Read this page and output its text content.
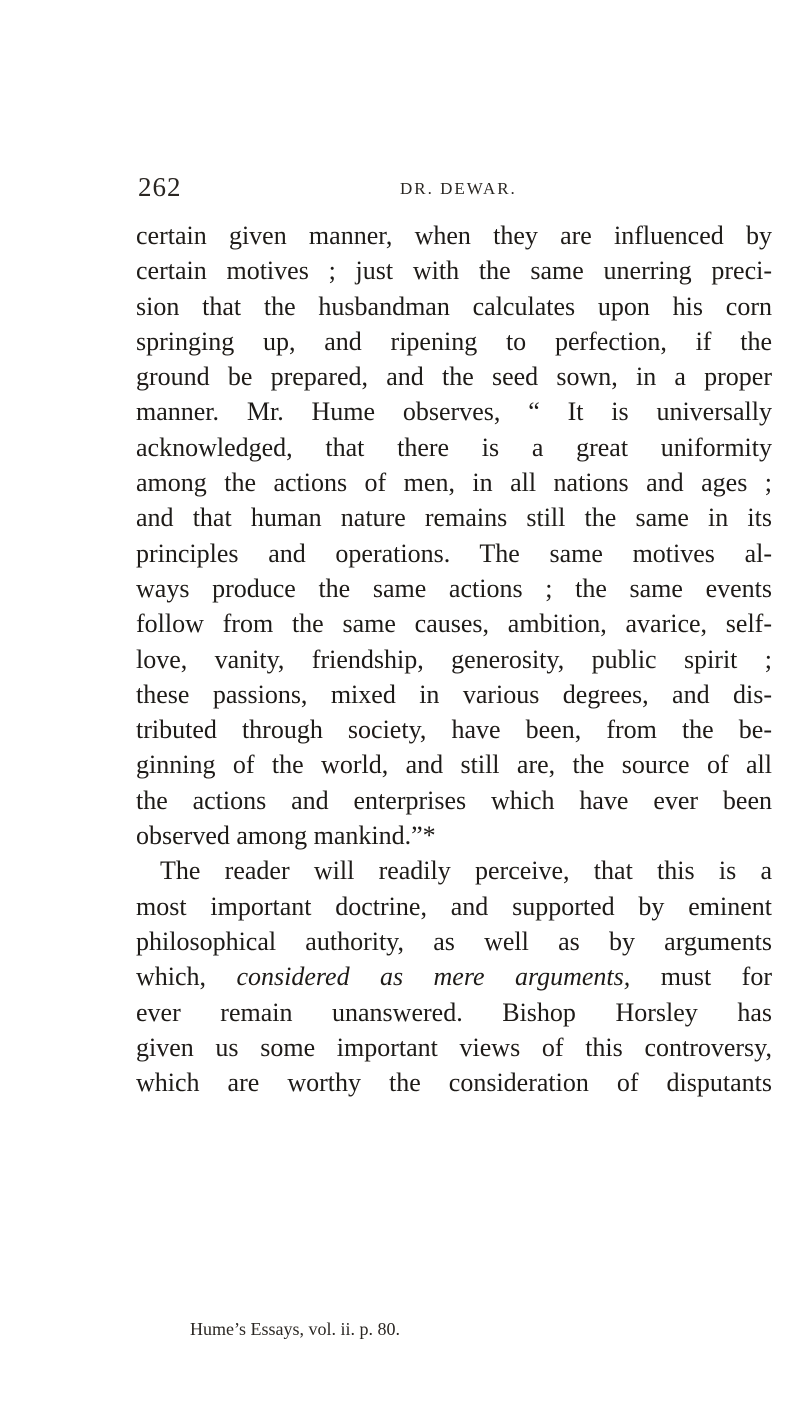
262	DR. DEWAR.
certain given manner, when they are influenced by
certain motives ; just with the same unerring preci-
sion that the husbandman calculates upon his corn
springing up, and ripening to perfection, if the
ground be prepared, and the seed sown, in a proper
manner. Mr. Hume observes, “ It is universally
acknowledged, that there is a great uniformity
among the actions of men, in all nations and ages ;
and that human nature remains still the same in its
principles and operations. The same motives al-
ways produce the same actions ; the same events
follow from the same causes, ambition, avarice, self-
love, vanity, friendship, generosity, public spirit ;
these passions, mixed in various degrees, and dis-
tributed through society, have been, from the be-
ginning of the world, and still are, the source of all
the actions and enterprises which have ever been
observed among mankind.”*
The reader will readily perceive, that this is a
most important doctrine, and supported by eminent
philosophical authority, as well as by arguments
which, considered as mere arguments, must for
ever remain unanswered. Bishop Horsley has
given us some important views of this controversy,
which are worthy the consideration of disputants
Hume’s Essays, vol. ii. p. 80.
